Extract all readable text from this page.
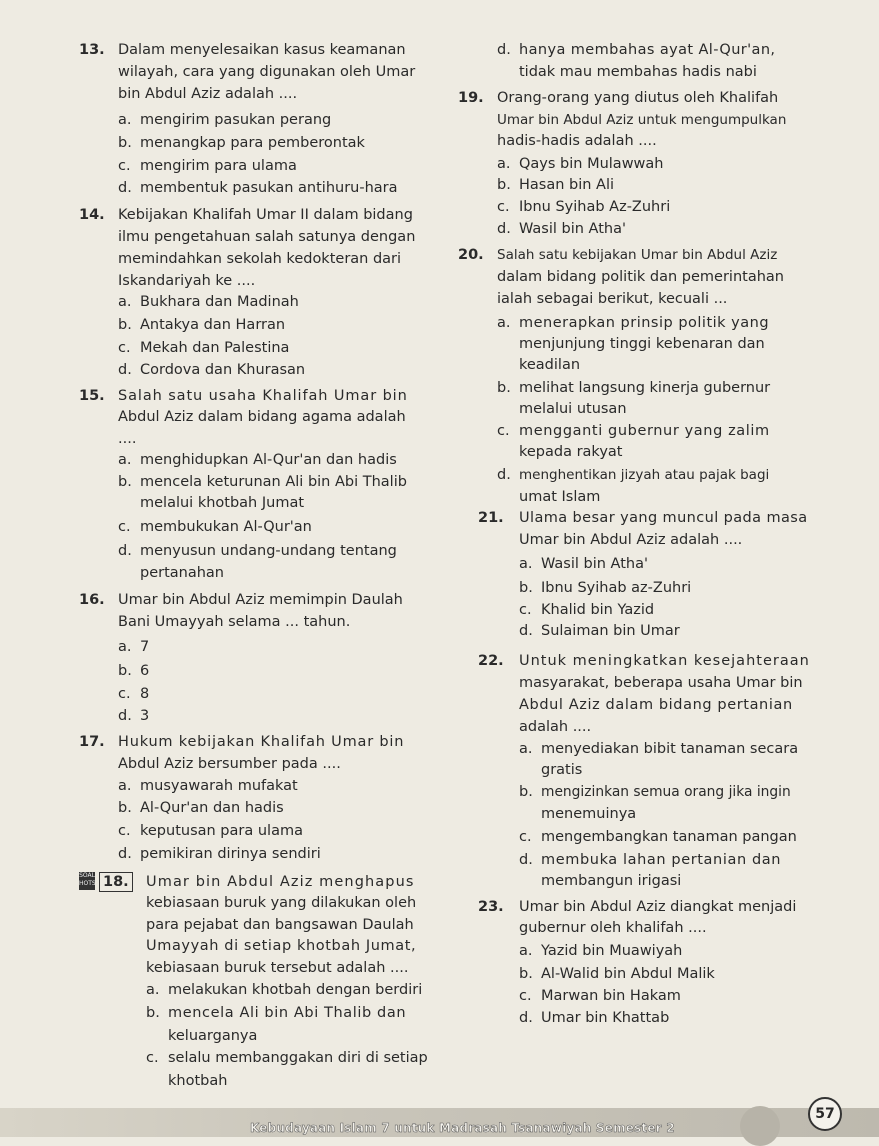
13. Dalam menyelesaikan kasus keamanan
wilayah, cara yang digunakan oleh Umar
bin Abdul Aziz adalah ....
a. mengirim pasukan perang
b. menangkap para pemberontak
c. mengirim para ulama
d. membentuk pasukan antihuru-hara
14. Kebijakan Khalifah Umar II dalam bidang
ilmu pengetahuan salah satunya dengan
memindahkan sekolah kedokteran dari
Iskandariyah ke ....
a. Bukhara dan Madinah
b. Antakya dan Harran
c. Mekah dan Palestina
d. Cordova dan Khurasan
15. Salah satu usaha Khalifah Umar bin
Abdul Aziz dalam bidang agama adalah
....
a. menghidupkan Al-Qur'an dan hadis
b. mencela keturunan Ali bin Abi Thalib
melalui khotbah Jumat
c. membukukan Al-Qur'an
d. menyusun undang-undang tentang
pertanahan
16. Umar bin Abdul Aziz memimpin Daulah
Bani Umayyah selama ... tahun.
a. 7
b. 6
c. 8
d. 3
17. Hukum kebijakan Khalifah Umar bin
Abdul Aziz bersumber pada ....
a. musyawarah mufakat
b. Al-Qur'an dan hadis
c. keputusan para ulama
d. pemikiran dirinya sendiri
SOAL HOTS 18. Umar bin Abdul Aziz menghapus
kebiasaan buruk yang dilakukan oleh
para pejabat dan bangsawan Daulah
Umayyah di setiap khotbah Jumat,
kebiasaan buruk tersebut adalah ....
a. melakukan khotbah dengan berdiri
b. mencela Ali bin Abi Thalib dan
keluarganya
c. selalu membanggakan diri di setiap
khotbah
d. hanya membahas ayat Al-Qur'an,
tidak mau membahas hadis nabi
19. Orang-orang yang diutus oleh Khalifah
Umar bin Abdul Aziz untuk mengumpulkan
hadis-hadis adalah ....
a. Qays bin Mulawwah
b. Hasan bin Ali
c. Ibnu Syihab Az-Zuhri
d. Wasil bin Atha'
20. Salah satu kebijakan Umar bin Abdul Aziz
dalam bidang politik dan pemerintahan
ialah sebagai berikut, kecuali ...
a. menerapkan prinsip politik yang
menjunjung tinggi kebenaran dan
keadilan
b. melihat langsung kinerja gubernur
melalui utusan
c. mengganti gubernur yang zalim
kepada rakyat
d. menghentikan jizyah atau pajak bagi
umat Islam
21. Ulama besar yang muncul pada masa
Umar bin Abdul Aziz adalah ....
a. Wasil bin Atha'
b. Ibnu Syihab az-Zuhri
c. Khalid bin Yazid
d. Sulaiman bin Umar
22. Untuk meningkatkan kesejahteraan
masyarakat, beberapa usaha Umar bin
Abdul Aziz dalam bidang pertanian
adalah ....
a. menyediakan bibit tanaman secara
gratis
b. mengizinkan semua orang jika ingin
menemuinya
c. mengembangkan tanaman pangan
d. membuka lahan pertanian dan
membangun irigasi
23. Umar bin Abdul Aziz diangkat menjadi
gubernur oleh khalifah ....
a. Yazid bin Muawiyah
b. Al-Walid bin Abdul Malik
c. Marwan bin Hakam
d. Umar bin Khattab
Kebudayaan Islam 7 untuk Madrasah Tsanawiyah Semester 2
57
